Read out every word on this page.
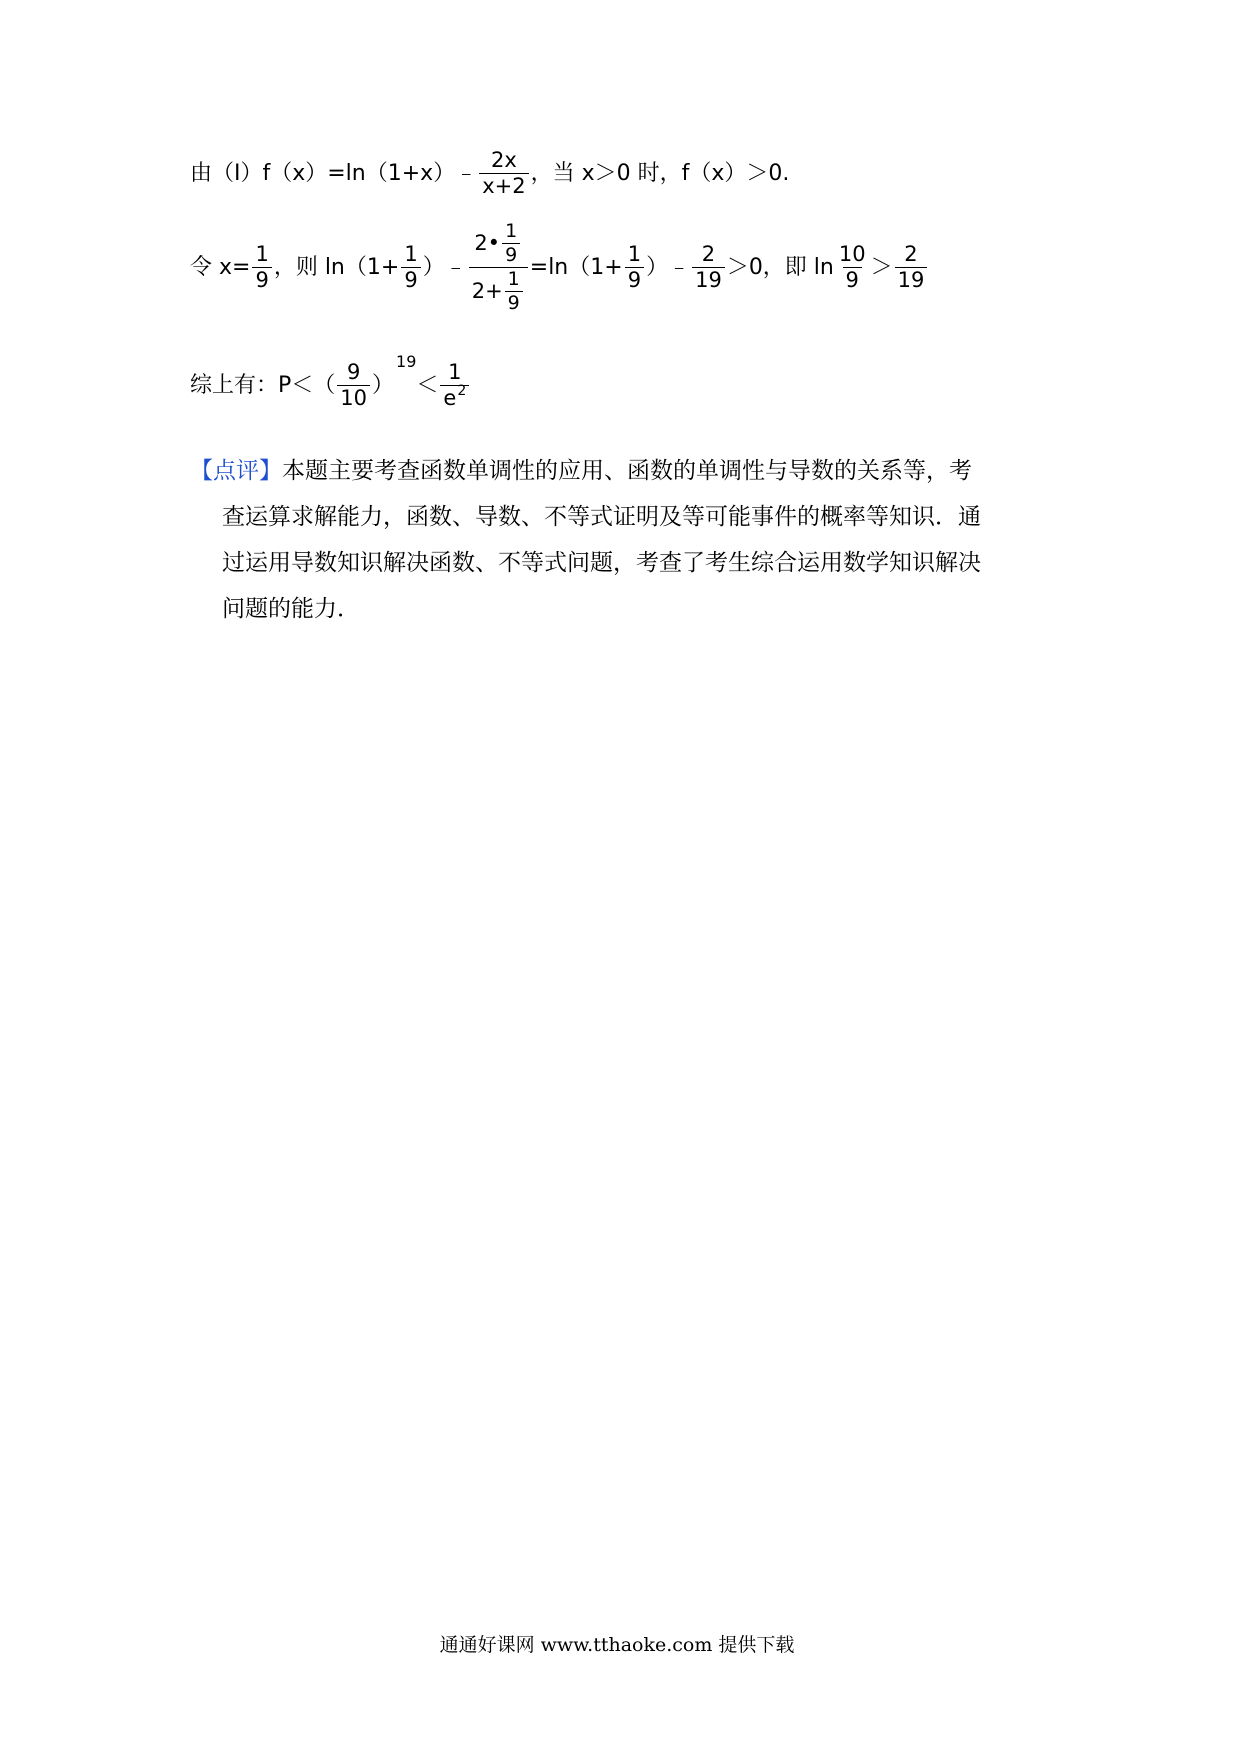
由（Ⅰ）f（x）=ln（1+x）﹣ $\frac{2x}{x+2}$ ，当 x＞0 时，f（x）＞0.
令 $x= \frac{1}{9}$ ，则 $\ln(1+ \frac{1}{9}$ ）﹣ $\frac{2• \frac{1}{9}}{2+ \frac{1}{9}} =\ln(1+ \frac{1}{9}$ ）﹣ $\frac{2}{19} >0$，即 $\ln \frac{10}{9} > \frac{2}{19}$
综上有：$P<( \frac{9}{10}$ ）
19
＜ $\frac{1}{e^2}$
【点评】本题主要考查函数单调性的应用、函数的单调性与导数的关系等，考
查运算求解能力，函数、导数、不等式证明及等可能事件的概率等知识．通
过运用导数知识解决函数、不等式问题，考查了考生综合运用数学知识解决
问题的能力．
通通好课网 www.tthaoke.com 提供下载
